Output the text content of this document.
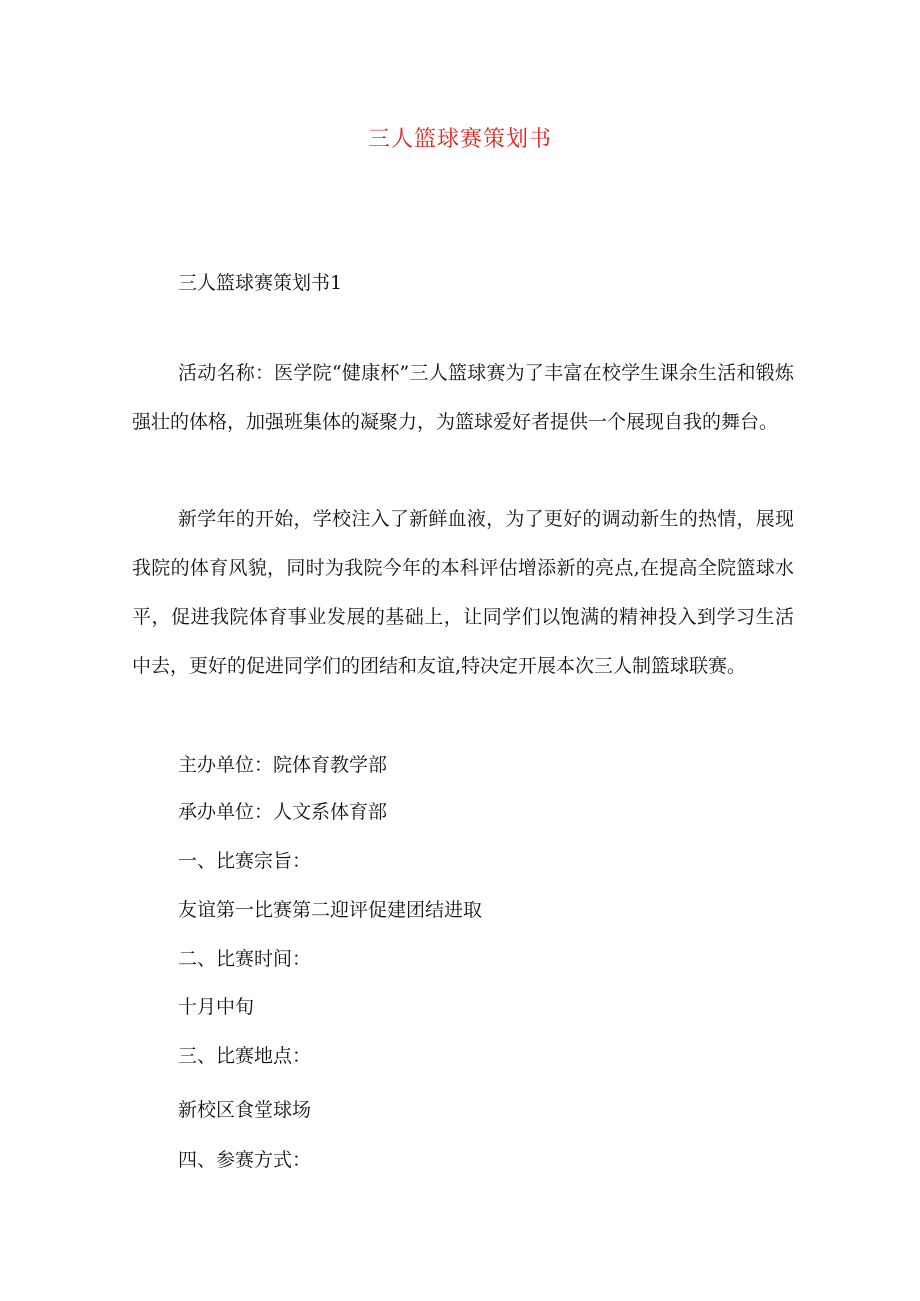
三人篮球赛策划书
三人篮球赛策划书1

活动名称：医学院“健康杯”三人篮球赛为了丰富在校学生课余生活和锻炼强壮的体格，加强班集体的凝聚力，为篮球爱好者提供一个展现自我的舞台。

新学年的开始，学校注入了新鲜血液，为了更好的调动新生的热情，展现我院的体育风貌，同时为我院今年的本科评估增添新的亮点,在提高全院篮球水平，促进我院体育事业发展的基础上，让同学们以饱满的精神投入到学习生活中去，更好的促进同学们的团结和友谊,特决定开展本次三人制篮球联赛。

主办单位：院体育教学部
承办单位：人文系体育部
一、比赛宗旨：
友谊第一比赛第二迎评促建团结进取
二、比赛时间：
十月中旬
三、比赛地点：
新校区食堂球场
四、参赛方式：
